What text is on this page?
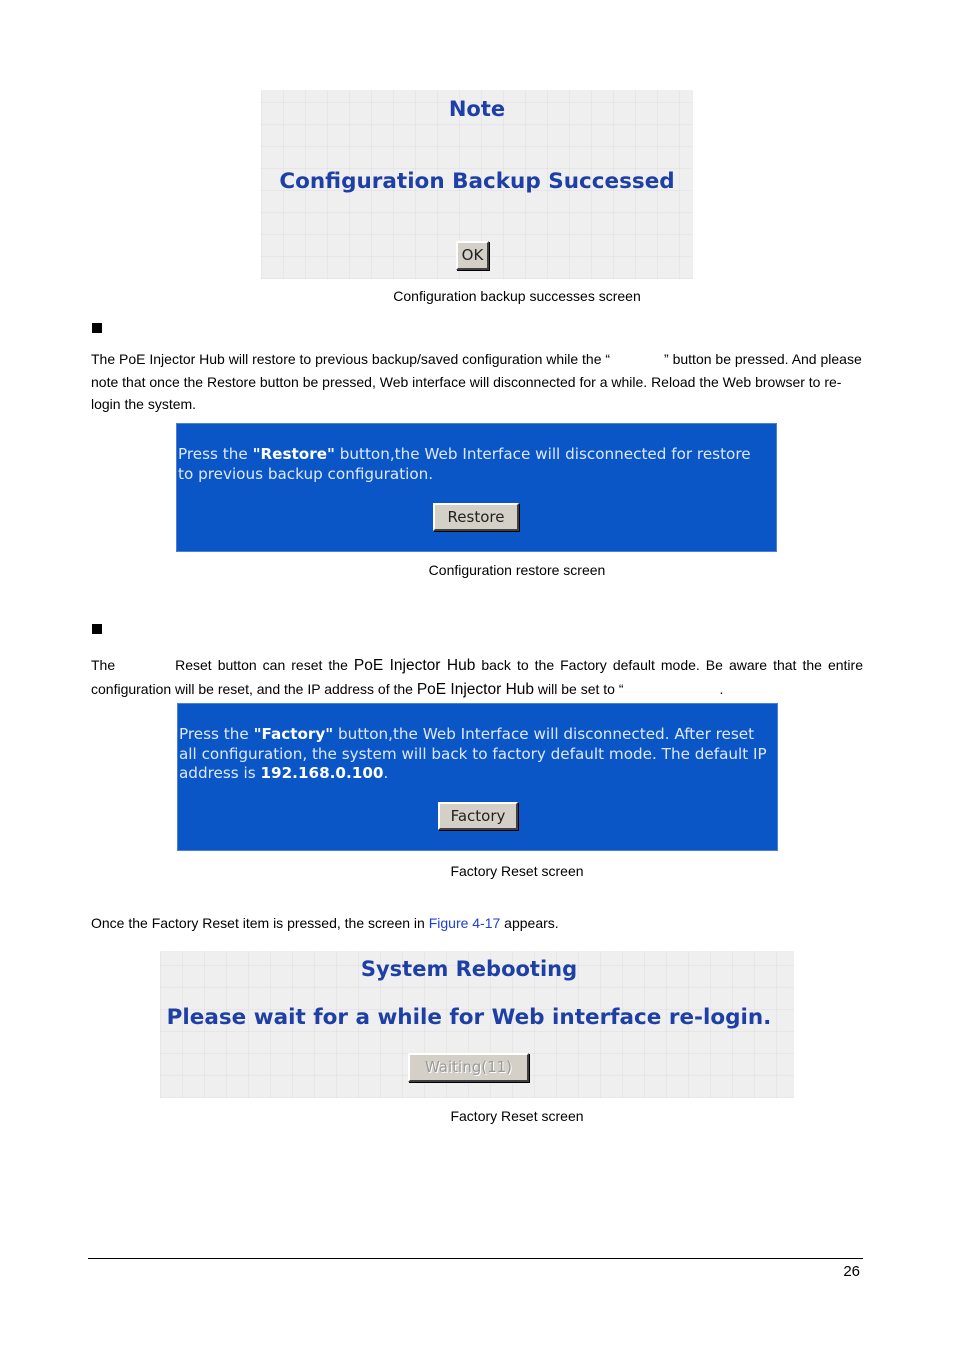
Note
Configuration Backup Successed
OK
Configuration backup successes screen
The PoE Injector Hub will restore to previous backup/saved configuration while the “	” button be pressed. And please note that once the Restore button be pressed, Web interface will disconnected for a while. Reload the Web browser to re-login the system.
Press the "Restore" button,the Web Interface will disconnected for restore to previous backup configuration.
Restore
Configuration restore screen
The	Reset button can reset the PoE Injector Hub back to the Factory default mode. Be aware that the entire configuration will be reset, and the IP address of the PoE Injector Hub will be set to “	.
Press the "Factory" button,the Web Interface will disconnected. After reset all configuration, the system will back to factory default mode. The default IP address is 192.168.0.100.
Factory
Factory Reset screen
Once the Factory Reset item is pressed, the screen in Figure 4-17 appears.
System Rebooting
Please wait for a while for Web interface re-login.
Waiting(11)
Factory Reset screen
26
